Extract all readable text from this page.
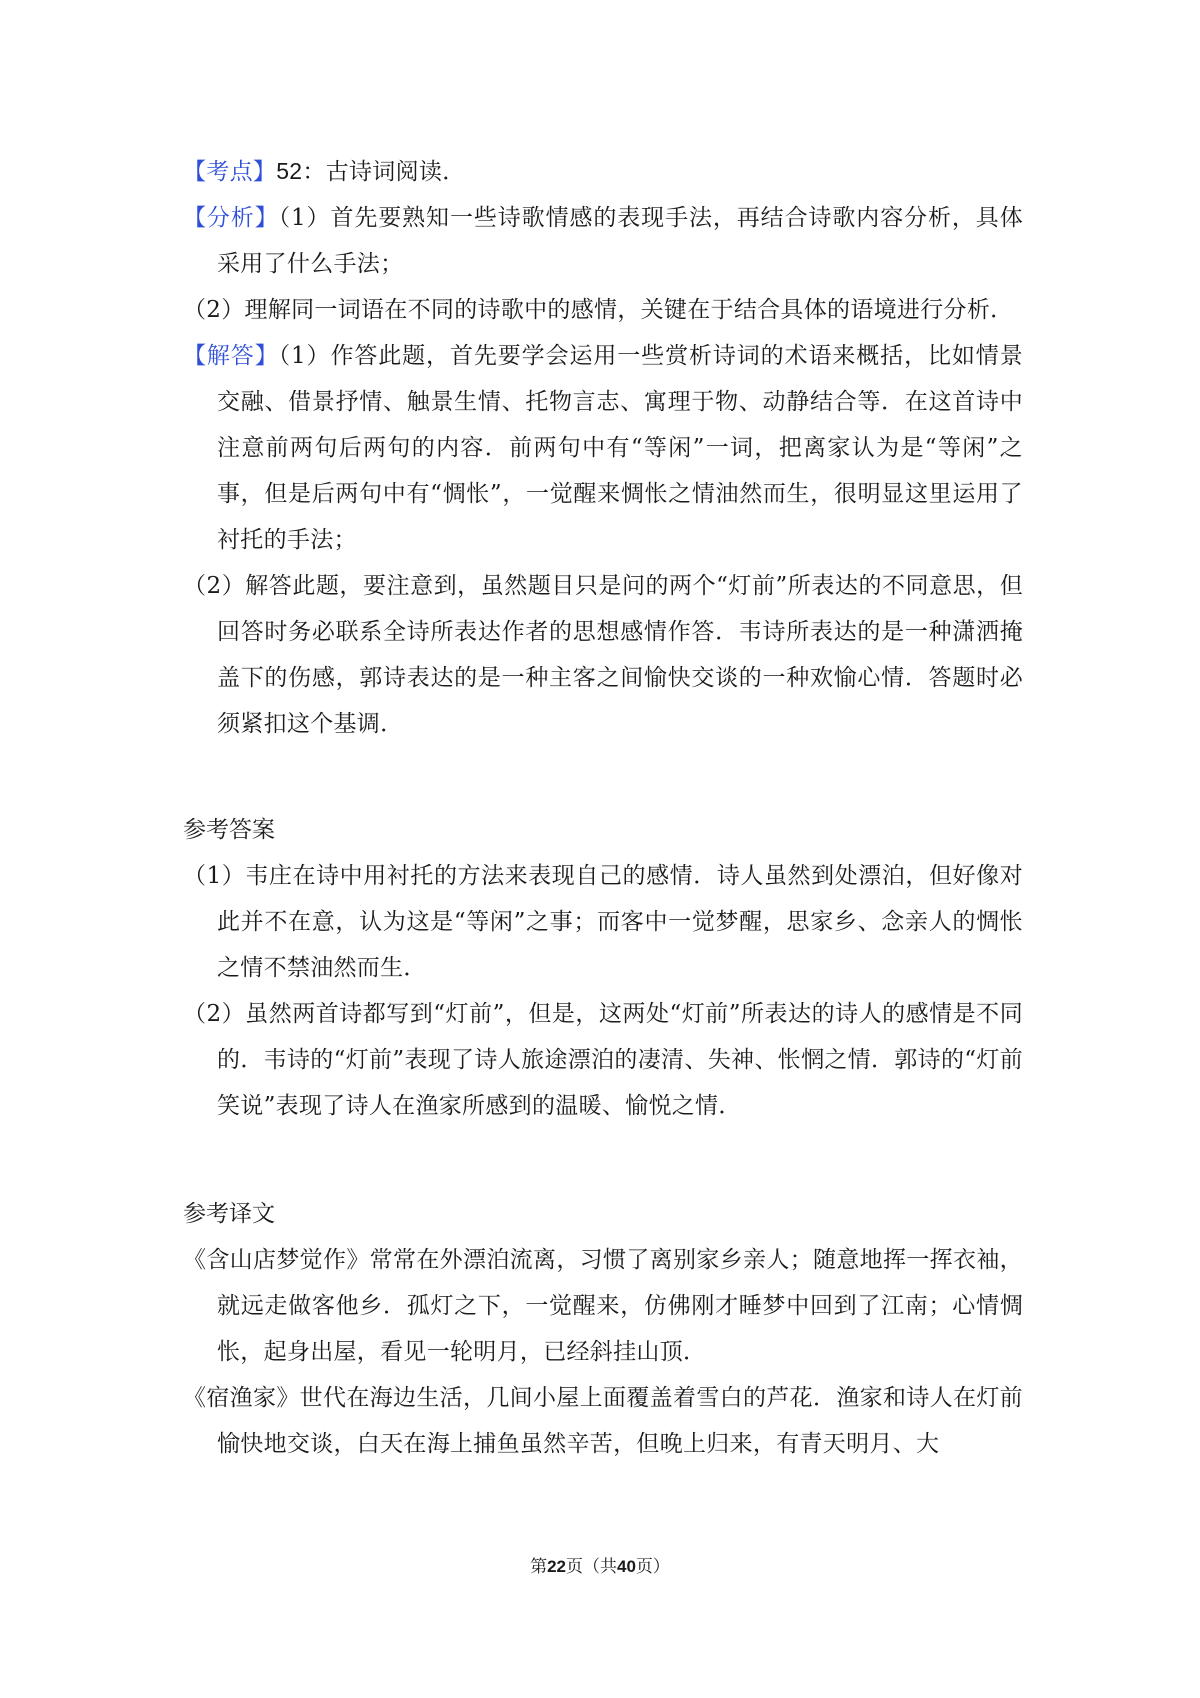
【考点】52：古诗词阅读．

【分析】（1）首先要熟知一些诗歌情感的表现手法，再结合诗歌内容分析，具体采用了什么手法；

（2）理解同一词语在不同的诗歌中的感情，关键在于结合具体的语境进行分析．

【解答】（1）作答此题，首先要学会运用一些赏析诗词的术语来概括，比如情景交融、借景抒情、触景生情、托物言志、寓理于物、动静结合等．在这首诗中注意前两句后两句的内容．前两句中有“等闲”一词，把离家认为是“等闲”之事，但是后两句中有“惆怅”，一觉醒来惆怅之情油然而生，很明显这里运用了衬托的手法；

（2）解答此题，要注意到，虽然题目只是问的两个“灯前”所表达的不同意思，但回答时务必联系全诗所表达作者的思想感情作答．韦诗所表达的是一种潇洒掩盖下的伤感，郭诗表达的是一种主客之间愉快交谈的一种欢愉心情．答题时必须紧扣这个基调．

参考答案

（1）韦庄在诗中用衬托的方法来表现自己的感情．诗人虽然到处漂泊，但好像对此并不在意，认为这是“等闲”之事；而客中一觉梦醒，思家乡、念亲人的惆怅之情不禁油然而生．

（2）虽然两首诗都写到“灯前”，但是，这两处“灯前”所表达的诗人的感情是不同的．韦诗的“灯前”表现了诗人旅途漂泊的凄清、失神、怅惘之情．郭诗的“灯前笑说”表现了诗人在渔家所感到的温暖、愉悦之情．

参考译文

《含山店梦觉作》常常在外漂泊流离，习惯了离别家乡亲人；随意地挥一挥衣袖，就远走做客他乡．孤灯之下，一觉醒来，仿佛刚才睡梦中回到了江南；心情惆怅，起身出屋，看见一轮明月，已经斜挂山顶．

《宿渔家》世代在海边生活，几间小屋上面覆盖着雪白的芦花．渔家和诗人在灯前愉快地交谈，白天在海上捕鱼虽然辛苦，但晚上归来，有青天明月、大

第22页（共40页）
